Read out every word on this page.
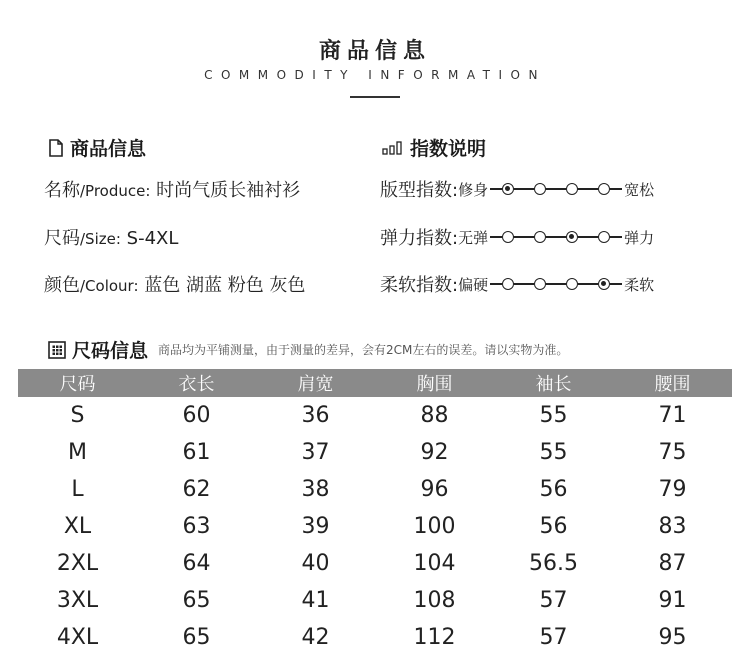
商品信息
COMMODITY INFORMATION
商品信息	指数说明
名称/Produce: 时尚气质长袖衬衫
尺码/Size: S-4XL
颜色/Colour: 蓝色 湖蓝 粉色 灰色
版型指数: 修身	宽松
弹力指数: 无弹	弹力
柔软指数: 偏硬	柔软
尺码信息 商品均为平铺测量，由于测量的差异，会有2CM左右的误差。请以实物为准。
尺码	衣长	肩宽	胸围	袖长	腰围
S	60	36	88	55	71
M	61	37	92	55	75
L	62	38	96	56	79
XL	63	39	100	56	83
2XL	64	40	104	56.5	87
3XL	65	41	108	57	91
4XL	65	42	112	57	95
